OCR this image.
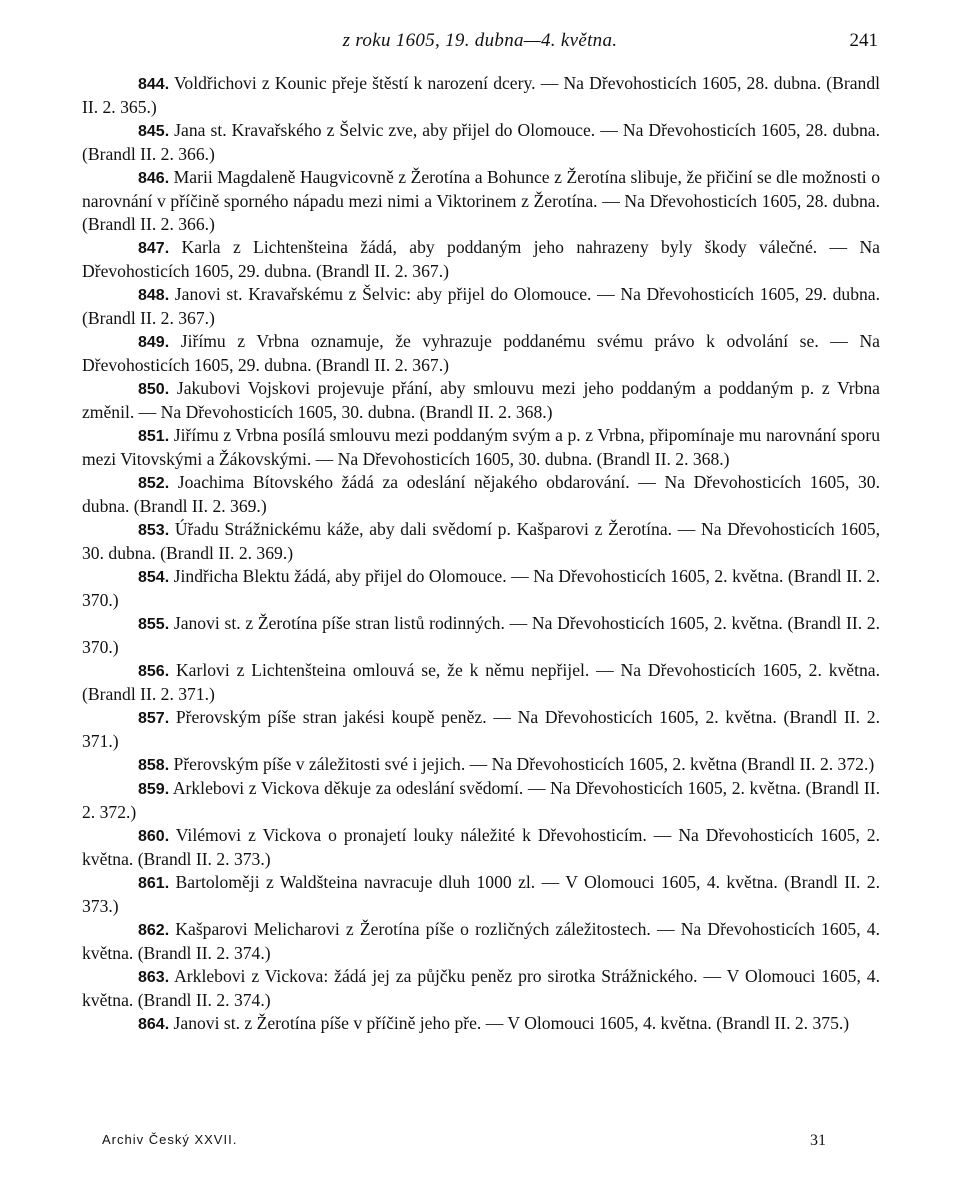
z roku 1605, 19. dubna—4. května.	241

844. Voldřichovi z Kounic přeje štěstí k narození dcery. — Na Dřevohosticích 1605, 28. dubna. (Brandl II. 2. 365.)

845. Jana st. Kravařského z Šelvic zve, aby přijel do Olomouce. — Na Dřevohosticích 1605, 28. dubna. (Brandl II. 2. 366.)

846. Marii Magdaleně Haugvicovně z Žerotína a Bohunce z Žerotína slibuje, že přičiní se dle možnosti o narovnání v příčině sporného nápadu mezi nimi a Viktorinem z Žerotína. — Na Dřevohosticích 1605, 28. dubna. (Brandl II. 2. 366.)

847. Karla z Lichtenšteina žádá, aby poddaným jeho nahrazeny byly škody válečné. — Na Dřevohosticích 1605, 29. dubna. (Brandl II. 2. 367.)

848. Janovi st. Kravařskému z Šelvic: aby přijel do Olomouce. — Na Dřevohosticích 1605, 29. dubna. (Brandl II. 2. 367.)

849. Jiřímu z Vrbna oznamuje, že vyhrazuje poddanému svému právo k odvolání se. — Na Dřevohosticích 1605, 29. dubna. (Brandl II. 2. 367.)

850. Jakubovi Vojskovi projevuje přání, aby smlouvu mezi jeho poddaným a poddaným p. z Vrbna změnil. — Na Dřevohosticích 1605, 30. dubna. (Brandl II. 2. 368.)

851. Jiřímu z Vrbna posílá smlouvu mezi poddaným svým a p. z Vrbna, připomínaje mu narovnání sporu mezi Vitovskými a Žákovskými. — Na Dřevohosticích 1605, 30. dubna. (Brandl II. 2. 368.)

852. Joachima Bítovského žádá za odeslání nějakého obdarování. — Na Dřevohosticích 1605, 30. dubna. (Brandl II. 2. 369.)

853. Úřadu Strážnickému káže, aby dali svědomí p. Kašparovi z Žerotína. — Na Dřevohosticích 1605, 30. dubna. (Brandl II. 2. 369.)

854. Jindřicha Blektu žádá, aby přijel do Olomouce. — Na Dřevohosticích 1605, 2. května. (Brandl II. 2. 370.)

855. Janovi st. z Žerotína píše stran listů rodinných. — Na Dřevohosticích 1605, 2. května. (Brandl II. 2. 370.)

856. Karlovi z Lichtenšteina omlouvá se, že k němu nepřijel. — Na Dřevohosticích 1605, 2. května. (Brandl II. 2. 371.)

857. Přerovským píše stran jakési koupě peněz. — Na Dřevohosticích 1605, 2. května. (Brandl II. 2. 371.)

858. Přerovským píše v záležitosti své i jejich. — Na Dřevohosticích 1605, 2. května (Brandl II. 2. 372.)

859. Arklebovi z Vickova děkuje za odeslání svědomí. — Na Dřevohosticích 1605, 2. května. (Brandl II. 2. 372.)

860. Vilémovi z Vickova o pronajetí louky náležité k Dřevohosticím. — Na Dřevohosticích 1605, 2. května. (Brandl II. 2. 373.)

861. Bartoloměji z Waldšteina navracuje dluh 1000 zl. — V Olomouci 1605, 4. května. (Brandl II. 2. 373.)

862. Kašparovi Melicharovi z Žerotína píše o rozličných záležitostech. — Na Dřevohosticích 1605, 4. května. (Brandl II. 2. 374.)

863. Arklebovi z Vickova: žádá jej za půjčku peněz pro sirotka Strážnického. — V Olomouci 1605, 4. května. (Brandl II. 2. 374.)

864. Janovi st. z Žerotína píše v příčině jeho pře. — V Olomouci 1605, 4. května. (Brandl II. 2. 375.)

Archiv Český XXVII.	31
